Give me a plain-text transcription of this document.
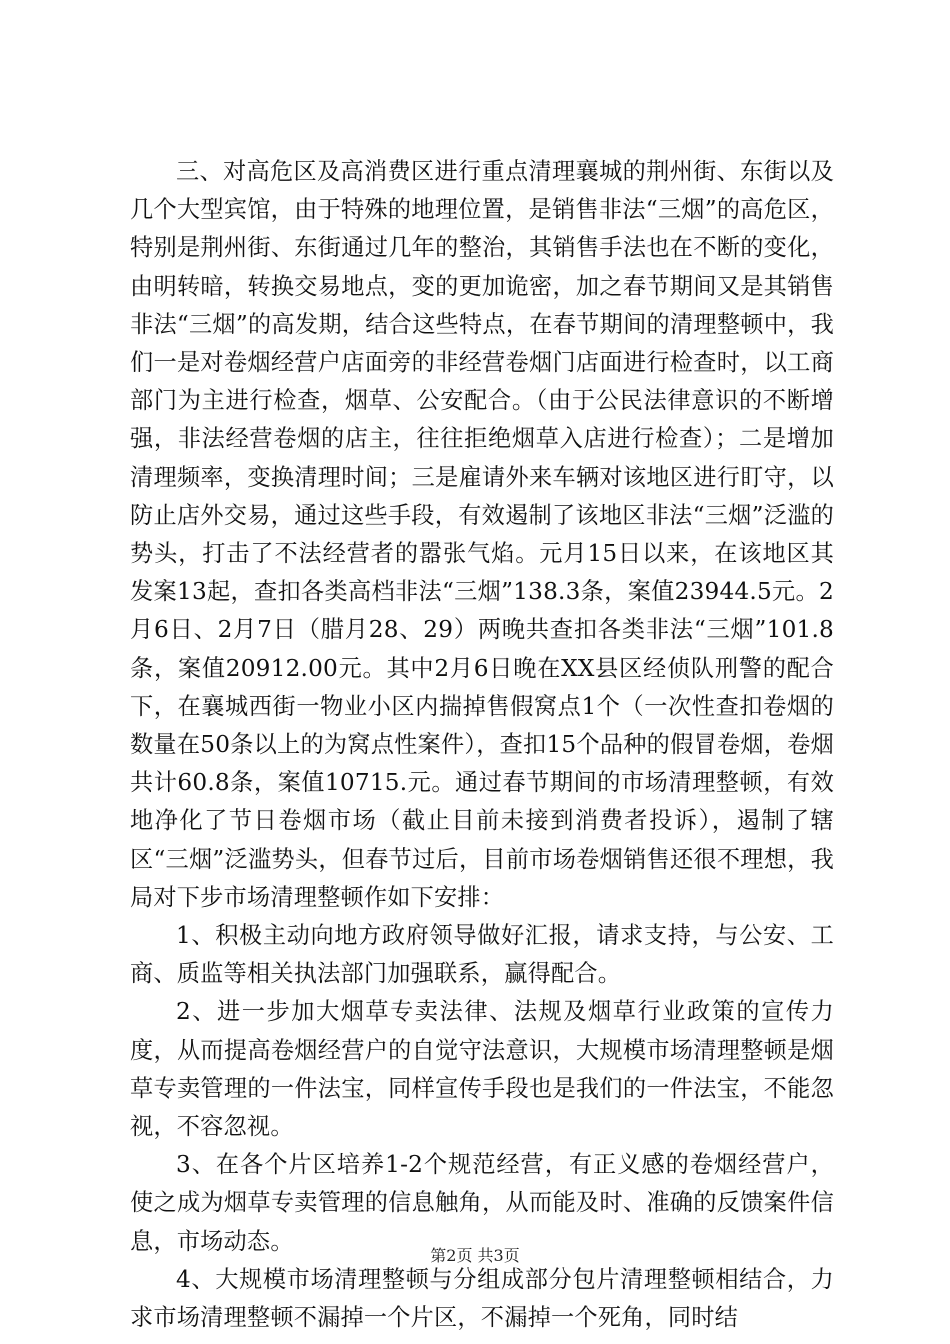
三、对高危区及高消费区进行重点清理襄城的荆州街、东街以及几个大型宾馆，由于特殊的地理位置，是销售非法“三烟”的高危区，特别是荆州街、东街通过几年的整治，其销售手法也在不断的变化，由明转暗，转换交易地点，变的更加诡密，加之春节期间又是其销售非法“三烟”的高发期，结合这些特点，在春节期间的清理整顿中，我们一是对卷烟经营户店面旁的非经营卷烟门店面进行检查时，以工商部门为主进行检查，烟草、公安配合。（由于公民法律意识的不断增强，非法经营卷烟的店主，往往拒绝烟草入店进行检查）；二是增加清理频率，变换清理时间；三是雇请外来车辆对该地区进行盯守，以防止店外交易，通过这些手段，有效遏制了该地区非法“三烟”泛滥的势头，打击了不法经营者的嚣张气焰。元月15日以来，在该地区其发案13起，查扣各类高档非法“三烟”138.3条，案值23944.5元。2月6日、2月7日（腊月28、29）两晚共查扣各类非法“三烟”101.8条，案值20912.00元。其中2月6日晚在XX县区经侦队刑警的配合下，在襄城西街一物业小区内揣掉售假窝点1个（一次性查扣卷烟的数量在50条以上的为窝点性案件），查扣15个品种的假冒卷烟，卷烟共计60.8条，案值10715.元。通过春节期间的市场清理整顿，有效地净化了节日卷烟市场（截止目前未接到消费者投诉），遏制了辖区“三烟”泛滥势头，但春节过后，目前市场卷烟销售还很不理想，我局对下步市场清理整顿作如下安排：

1、积极主动向地方政府领导做好汇报，请求支持，与公安、工商、质监等相关执法部门加强联系，赢得配合。

2、进一步加大烟草专卖法律、法规及烟草行业政策的宣传力度，从而提高卷烟经营户的自觉守法意识，大规模市场清理整顿是烟草专卖管理的一件法宝，同样宣传手段也是我们的一件法宝，不能忽视，不容忽视。

3、在各个片区培养1-2个规范经营，有正义感的卷烟经营户，使之成为烟草专卖管理的信息触角，从而能及时、准确的反馈案件信息，市场动态。

4、大规模市场清理整顿与分组成部分包片清理整顿相结合，力求市场清理整顿不漏掉一个片区，不漏掉一个死角，同时结

第2页 共3页
